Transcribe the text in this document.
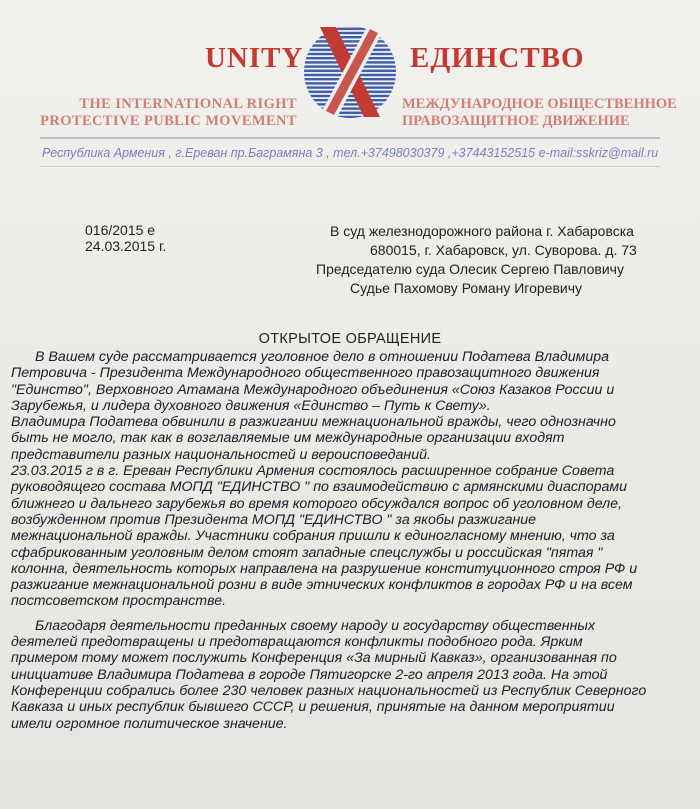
UNITY	ЕДИНСТВО
THE INTERNATIONAL RIGHT
PROTECTIVE PUBLIC MOVEMENT
МЕЖДУНАРОДНОЕ ОБЩЕСТВЕННОЕ
ПРАВОЗАЩИТНОЕ ДВИЖЕНИЕ
Республика Армения , г.Ереван пр.Баграмяна 3 , тел.+37498030379 ,+37443152515 e-mail:sskriz@mail.ru
016/2015 е
24.03.2015 г.
В суд железнодорожного района г. Хабаровска
680015, г. Хабаровск, ул. Суворова. д. 73
Председателю суда Олесик Сергею Павловичу
Судье Пахомову Роману Игоревичу
ОТКРЫТОЕ ОБРАЩЕНИЕ

В Вашем суде рассматривается уголовное дело в отношении Податева Владимира

Петровича - Президента Международного общественного правозащитного движения

"Единство", Верховного Атамана Международного объединения «Союз Казаков России и

Зарубежья, и лидера духовного движения «Единство – Путь к Свету».

Владимира Податева обвинили в разжигании межнациональной вражды, чего однозначно

быть не могло, так как в возглавляемые им международные организации входят

представители разных национальностей и вероисповеданий.

23.03.2015 г в г. Ереван Республики Армения состоялось расширенное собрание Совета

руководящего состава МОПД "ЕДИНСТВО " по взаимодействию с армянскими диаспорами

ближнего и дальнего зарубежья во время которого обсуждался вопрос об уголовном деле,

возбужденном против Президента МОПД "ЕДИНСТВО " за якобы разжигание

межнациональной вражды. Участники собрания пришли к единогласному мнению, что за

сфабрикованным уголовным делом стоят западные спецслужбы и российская "пятая "

колонна, деятельность которых направлена на разрушение конституционного строя РФ и

разжигание межнациональной розни в виде этнических конфликтов в городах РФ и на всем

постсоветском пространстве.

Благодаря деятельности преданных своему народу и государству общественных

деятелей предотвращены и предотвращаются конфликты подобного рода. Ярким

примером тому может послужить Конференция «За мирный Кавказ», организованная по

инициативе Владимира Податева в городе Пятигорске 2-го апреля 2013 года. На этой

Конференции собрались более 230 человек разных национальностей из Республик Северного

Кавказа и иных республик бывшего СССР, и решения, принятые на данном мероприятии

имели огромное политическое значение.
